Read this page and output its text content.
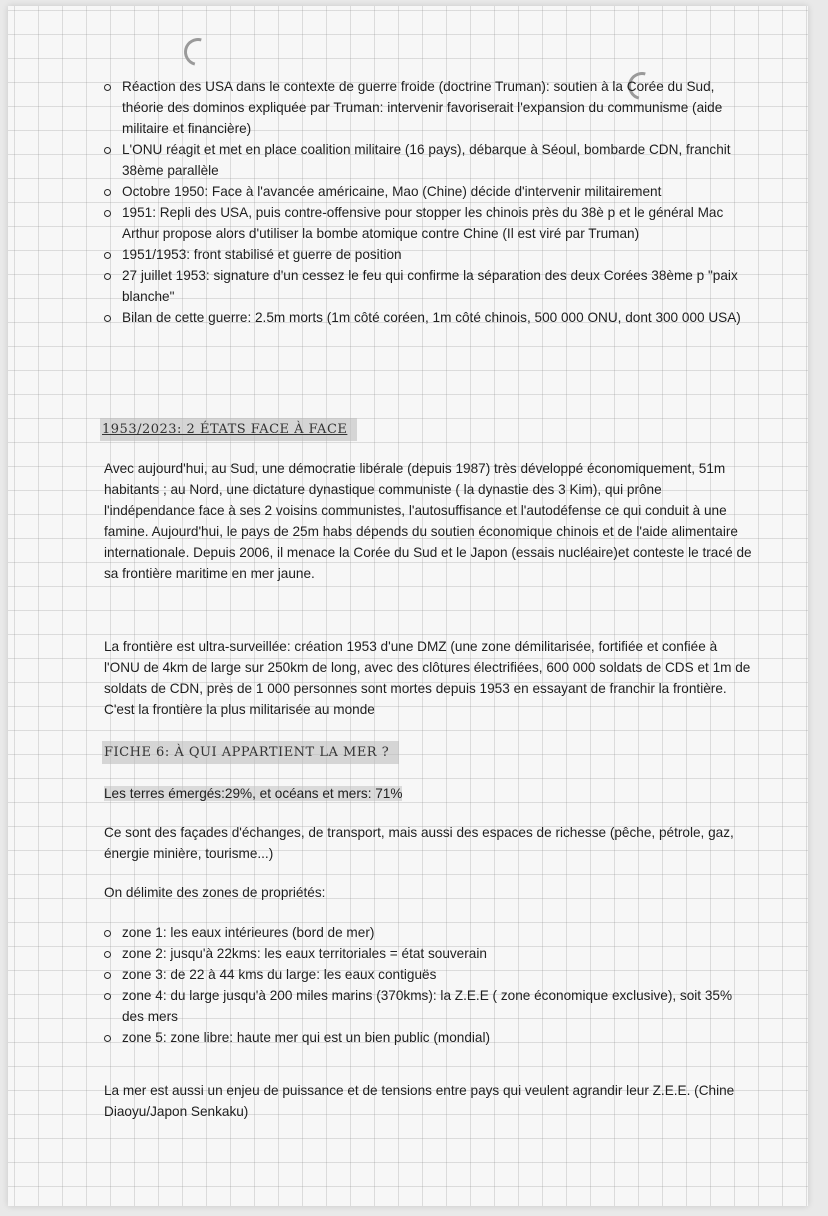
Réaction des USA dans le contexte de guerre froide (doctrine Truman): soutien à la Corée du Sud, théorie des dominos expliquée par Truman: intervenir favoriserait l'expansion du communisme (aide militaire et financière)
L'ONU réagit et met en place coalition militaire (16 pays), débarque à Séoul, bombarde CDN, franchit 38ème parallèle
Octobre 1950: Face à l'avancée américaine, Mao (Chine) décide d'intervenir militairement
1951: Repli des USA, puis contre-offensive pour stopper les chinois près du 38è p et le général Mac Arthur propose alors d'utiliser la bombe atomique contre Chine (Il est viré par Truman)
1951/1953: front stabilisé et guerre de position
27 juillet 1953: signature d'un cessez le feu qui confirme la séparation des deux Corées 38ème p "paix blanche"
Bilan de cette guerre: 2.5m morts (1m côté coréen, 1m côté chinois, 500 000 ONU, dont 300 000 USA)
1953/2023: 2 ÉTATS FACE À FACE

Avec aujourd'hui, au Sud, une démocratie libérale (depuis 1987) très développé économiquement, 51m habitants ; au Nord, une dictature dynastique communiste ( la dynastie des 3 Kim), qui prône l'indépendance face à ses 2 voisins communistes, l'autosuffisance et l'autodéfense ce qui conduit à une famine. Aujourd'hui, le pays de 25m habs dépends du soutien économique chinois et de l'aide alimentaire internationale. Depuis 2006, il menace la Corée du Sud et le Japon (essais nucléaire)et conteste le tracé de sa frontière maritime en mer jaune.

La frontière est ultra-surveillée: création 1953 d'une DMZ (une zone démilitarisée, fortifiée et confiée à l'ONU de 4km de large sur 250km de long, avec des clôtures électrifiées, 600 000 soldats de CDS et 1m de soldats de CDN, près de 1 000 personnes sont mortes depuis 1953 en essayant de franchir la frontière. C'est la frontière la plus militarisée au monde

FICHE 6: À QUI APPARTIENT LA MER ?

Les terres émergés:29%, et océans et mers: 71%

Ce sont des façades d'échanges, de transport, mais aussi des espaces de richesse (pêche, pétrole, gaz, énergie minière, tourisme...)

On délimite des zones de propriétés:

zone 1: les eaux intérieures (bord de mer)
zone 2: jusqu'à 22kms: les eaux territoriales = état souverain
zone 3: de 22 à 44 kms du large: les eaux contiguës
zone 4: du large jusqu'à 200 miles marins (370kms): la Z.E.E ( zone économique exclusive), soit 35% des mers
zone 5: zone libre: haute mer qui est un bien public (mondial)

La mer est aussi un enjeu de puissance et de tensions entre pays qui veulent agrandir leur Z.E.E. (Chine Diaoyu/Japon Senkaku)
